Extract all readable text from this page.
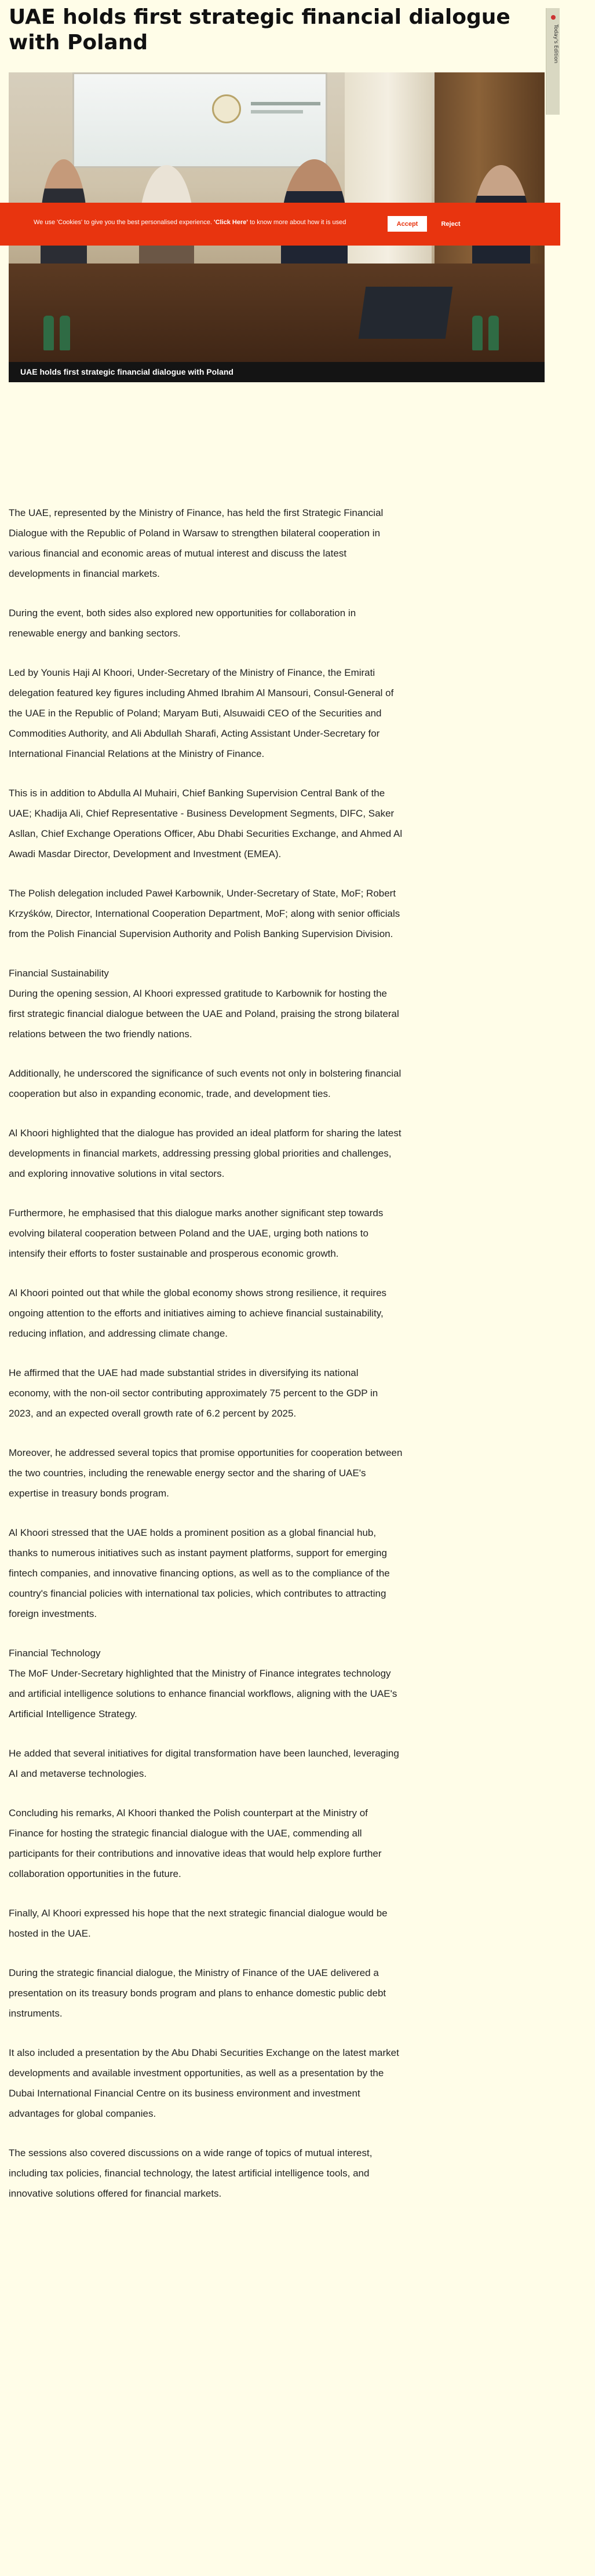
UAE holds first strategic financial dialogue with Poland	Today's Edition
UAE holds first strategic financial dialogue with Poland
We use 'Cookies' to give you the best personalised experience. 'Click Here' to know more about how it is used	Accept	Reject

The UAE, represented by the Ministry of Finance, has held the first Strategic Financial Dialogue with the Republic of Poland in Warsaw to strengthen bilateral cooperation in various financial and economic areas of mutual interest and discuss the latest developments in financial markets.

During the event, both sides also explored new opportunities for collaboration in renewable energy and banking sectors.

Led by Younis Haji Al Khoori, Under-Secretary of the Ministry of Finance, the Emirati delegation featured key figures including Ahmed Ibrahim Al Mansouri, Consul-General of the UAE in the Republic of Poland; Maryam Buti, Alsuwaidi CEO of the Securities and Commodities Authority, and Ali Abdullah Sharafi, Acting Assistant Under-Secretary for International Financial Relations at the Ministry of Finance.

This is in addition to Abdulla Al Muhairi, Chief Banking Supervision Central Bank of the UAE; Khadija Ali, Chief Representative - Business Development Segments, DIFC, Saker Asllan, Chief Exchange Operations Officer, Abu Dhabi Securities Exchange, and Ahmed Al Awadi Masdar Director, Development and Investment (EMEA).

The Polish delegation included Paweł Karbownik, Under-Secretary of State, MoF; Robert Krzyśków, Director, International Cooperation Department, MoF; along with senior officials from the Polish Financial Supervision Authority and Polish Banking Supervision Division.

Financial Sustainability

During the opening session, Al Khoori expressed gratitude to Karbownik for hosting the first strategic financial dialogue between the UAE and Poland, praising the strong bilateral relations between the two friendly nations.

Additionally, he underscored the significance of such events not only in bolstering financial cooperation but also in expanding economic, trade, and development ties.

Al Khoori highlighted that the dialogue has provided an ideal platform for sharing the latest developments in financial markets, addressing pressing global priorities and challenges, and exploring innovative solutions in vital sectors.

Furthermore, he emphasised that this dialogue marks another significant step towards evolving bilateral cooperation between Poland and the UAE, urging both nations to intensify their efforts to foster sustainable and prosperous economic growth.

Al Khoori pointed out that while the global economy shows strong resilience, it requires ongoing attention to the efforts and initiatives aiming to achieve financial sustainability, reducing inflation, and addressing climate change.

He affirmed that the UAE had made substantial strides in diversifying its national economy, with the non-oil sector contributing approximately 75 percent to the GDP in 2023, and an expected overall growth rate of 6.2 percent by 2025.

Moreover, he addressed several topics that promise opportunities for cooperation between the two countries, including the renewable energy sector and the sharing of UAE's expertise in treasury bonds program.

Al Khoori stressed that the UAE holds a prominent position as a global financial hub, thanks to numerous initiatives such as instant payment platforms, support for emerging fintech companies, and innovative financing options, as well as to the compliance of the country's financial policies with international tax policies, which contributes to attracting foreign investments.

Financial Technology

The MoF Under-Secretary highlighted that the Ministry of Finance integrates technology and artificial intelligence solutions to enhance financial workflows, aligning with the UAE's Artificial Intelligence Strategy.

He added that several initiatives for digital transformation have been launched, leveraging AI and metaverse technologies.

Concluding his remarks, Al Khoori thanked the Polish counterpart at the Ministry of Finance for hosting the strategic financial dialogue with the UAE, commending all participants for their contributions and innovative ideas that would help explore further collaboration opportunities in the future.

Finally, Al Khoori expressed his hope that the next strategic financial dialogue would be hosted in the UAE.

During the strategic financial dialogue, the Ministry of Finance of the UAE delivered a presentation on its treasury bonds program and plans to enhance domestic public debt instruments.

It also included a presentation by the Abu Dhabi Securities Exchange on the latest market developments and available investment opportunities, as well as a presentation by the Dubai International Financial Centre on its business environment and investment advantages for global companies.

The sessions also covered discussions on a wide range of topics of mutual interest, including tax policies, financial technology, the latest artificial intelligence tools, and innovative solutions offered for financial markets.
